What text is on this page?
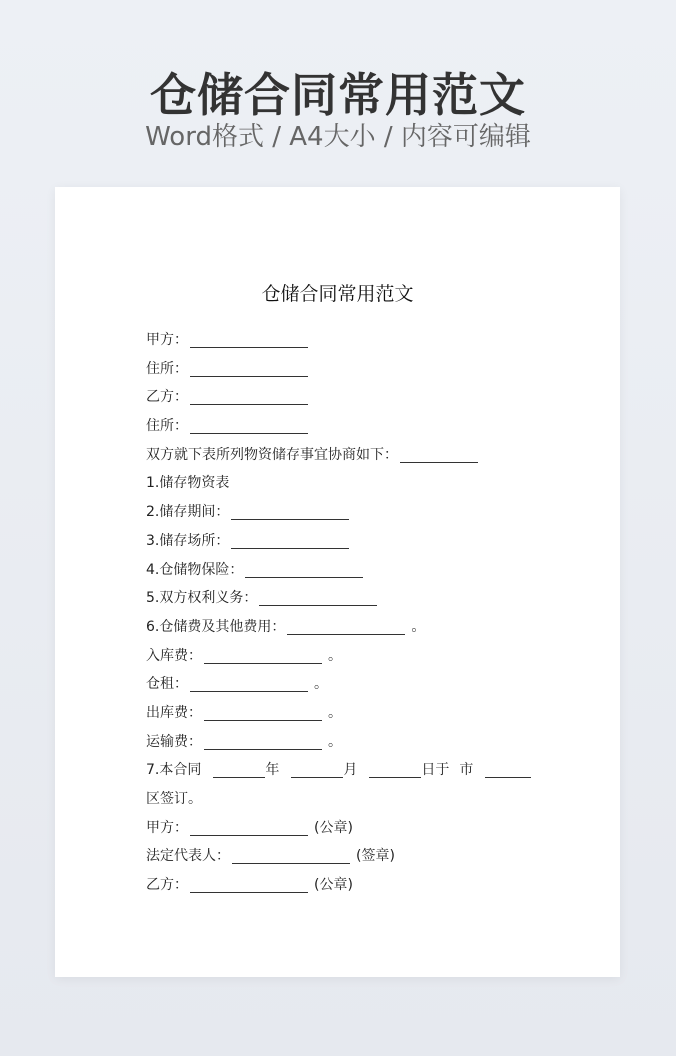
仓储合同常用范文
Word格式 / A4大小 / 内容可编辑
仓储合同常用范文
甲方：
住所：
乙方：
住所：
双方就下表所列物资储存事宜协商如下：
1.储存物资表
2.储存期间：
3.储存场所：
4.仓储物保险：
5.双方权利义务：
6.仓储费及其他费用：	。
入库费：	。
仓租：	。
出库费：	。
运输费：	。
7.本合同	年	月	日于 市
区签订。
甲方：	(公章)
法定代表人：	(签章)
乙方：	(公章)
